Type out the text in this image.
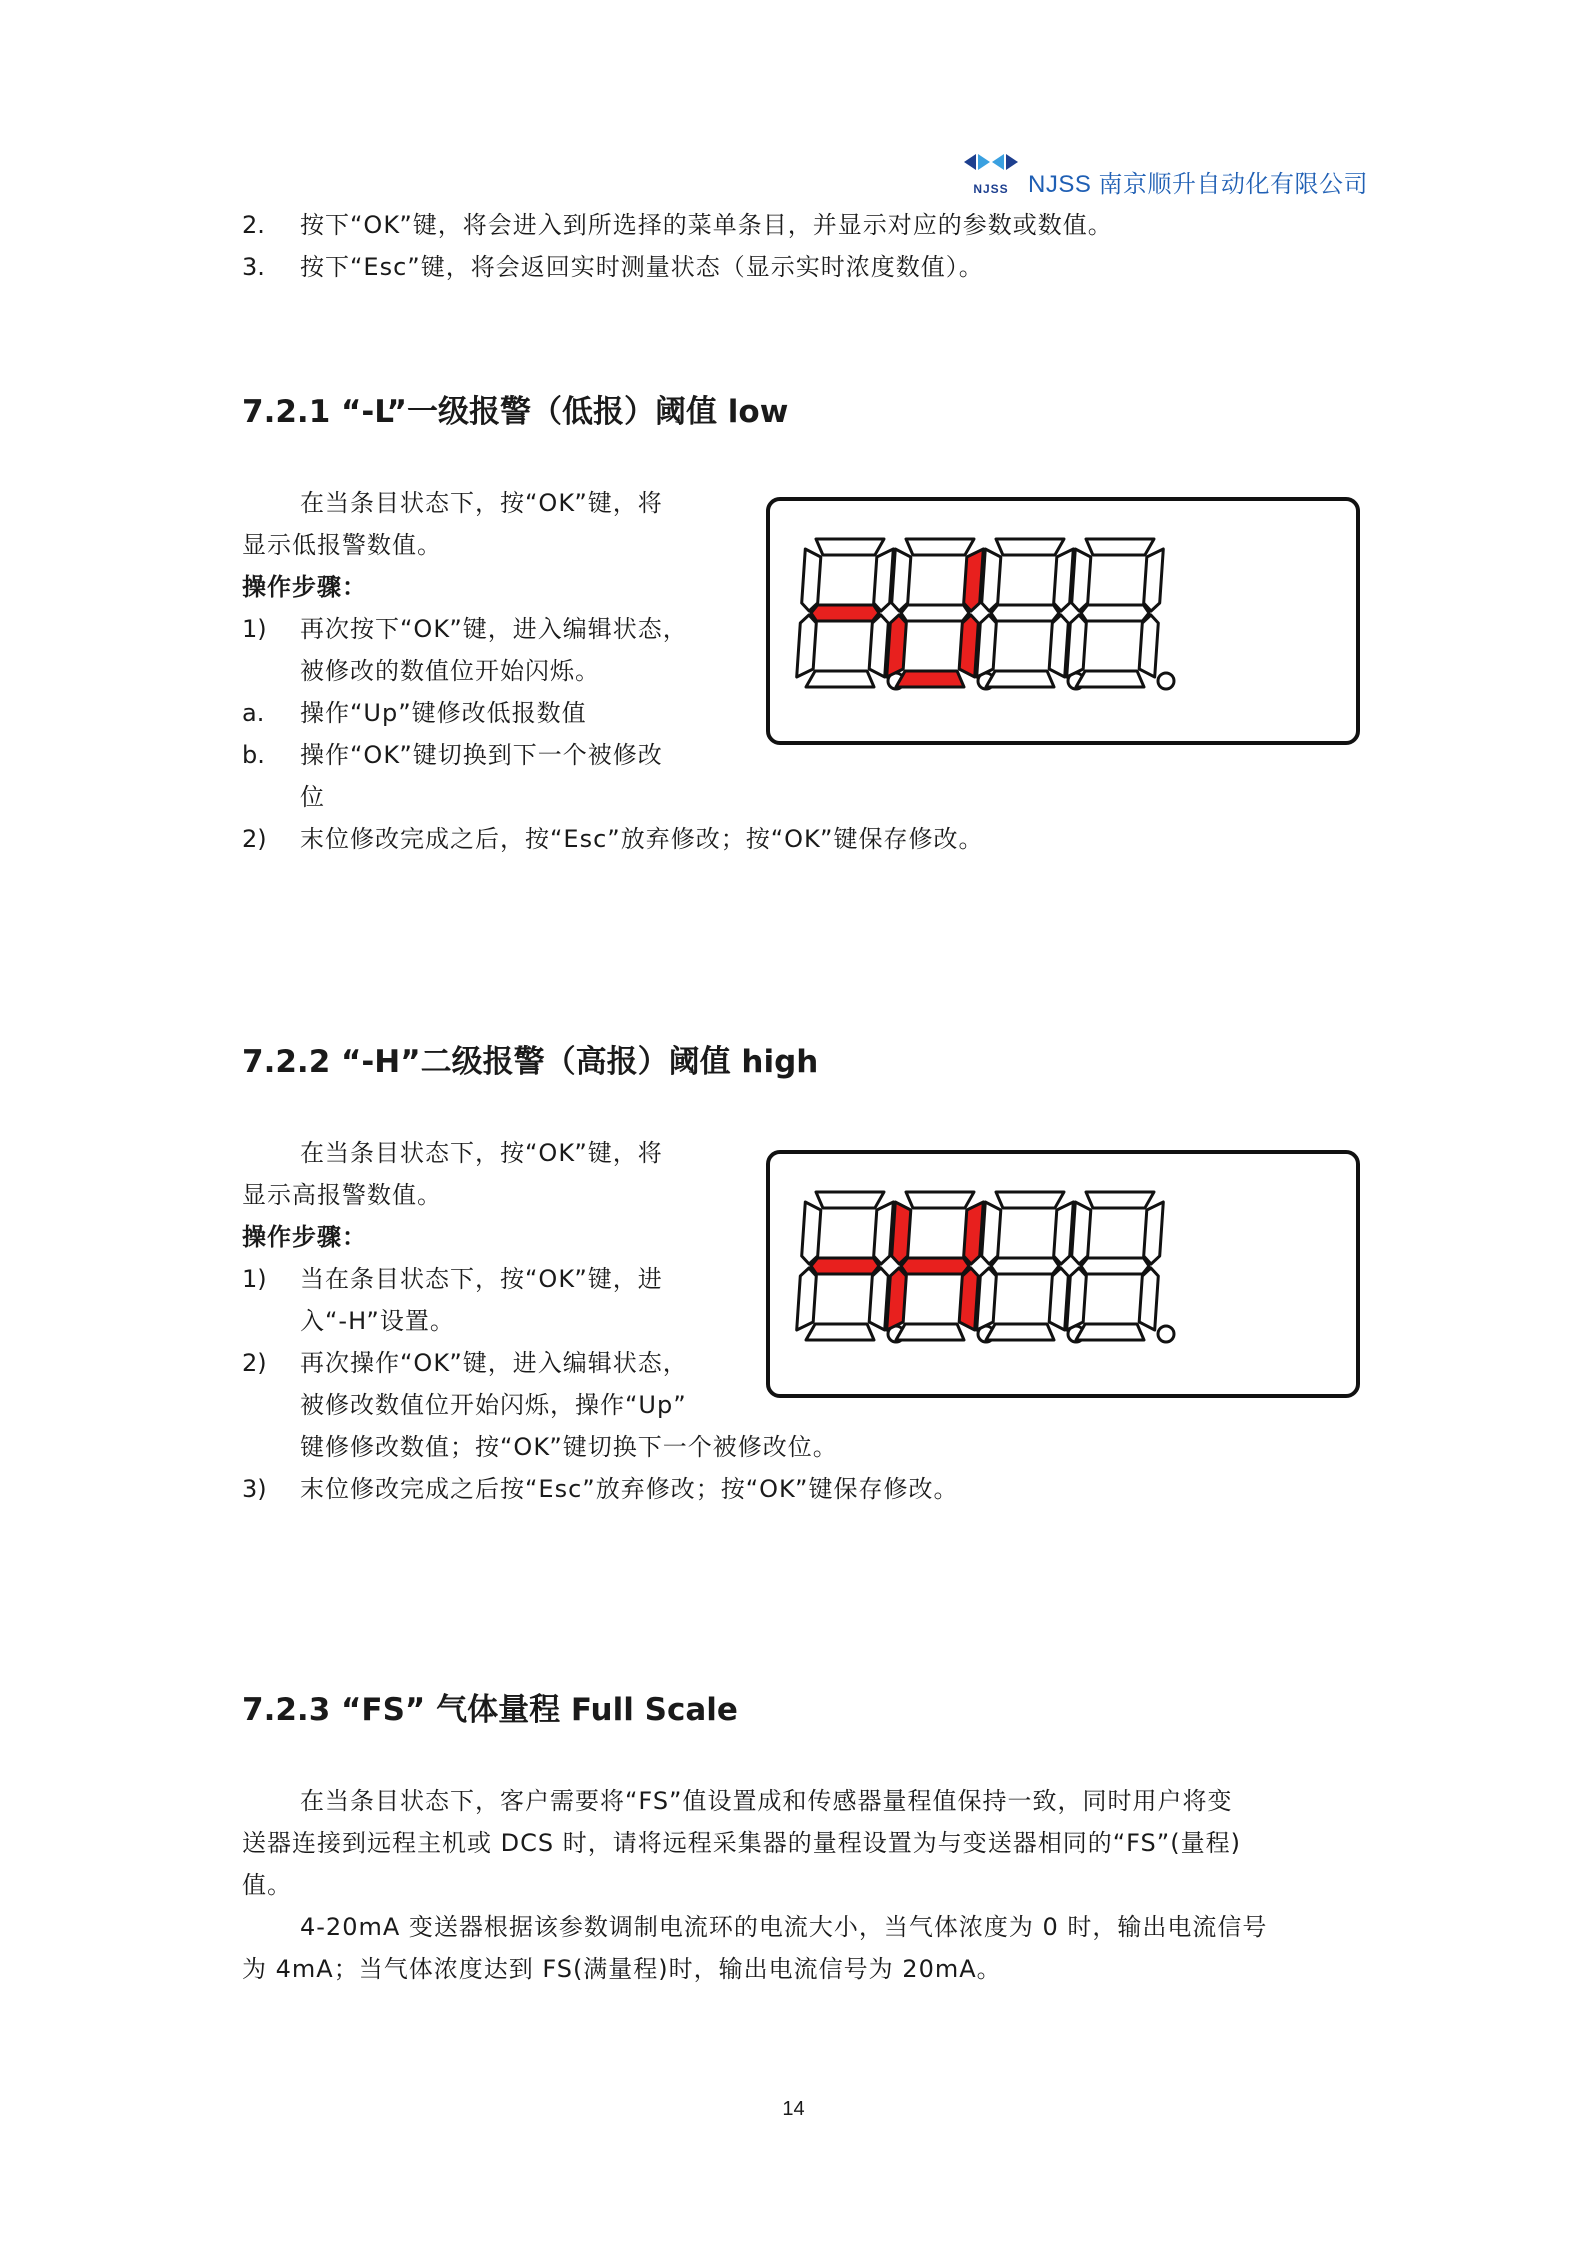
NJSS NJSS 南京顺升自动化有限公司
2. 按下“OK”键，将会进入到所选择的菜单条目，并显示对应的参数或数值。
3. 按下“Esc”键，将会返回实时测量状态（显示实时浓度数值）。
7.2.1 “-L”一级报警（低报）阈值 low
在当条目状态下，按“OK”键，将
显示低报警数值。
操作步骤：
1) 再次按下“OK”键，进入编辑状态，
被修改的数值位开始闪烁。
a. 操作“Up”键修改低报数值
b. 操作“OK”键切换到下一个被修改
位
2) 末位修改完成之后，按“Esc”放弃修改；按“OK”键保存修改。
7.2.2 “-H”二级报警（高报）阈值 high
在当条目状态下，按“OK”键，将
显示高报警数值。
操作步骤：
1) 当在条目状态下，按“OK”键，进
入“-H”设置。
2) 再次操作“OK”键，进入编辑状态，
被修改数值位开始闪烁，操作“Up”
键修修改数值；按“OK”键切换下一个被修改位。
3) 末位修改完成之后按“Esc”放弃修改；按“OK”键保存修改。
7.2.3 “FS” 气体量程 Full Scale
在当条目状态下，客户需要将“FS”值设置成和传感器量程值保持一致，同时用户将变
送器连接到远程主机或 DCS 时，请将远程采集器的量程设置为与变送器相同的“FS”(量程)
值。
4-20mA 变送器根据该参数调制电流环的电流大小，当气体浓度为 0 时，输出电流信号
为 4mA；当气体浓度达到 FS(满量程)时，输出电流信号为 20mA。
14
